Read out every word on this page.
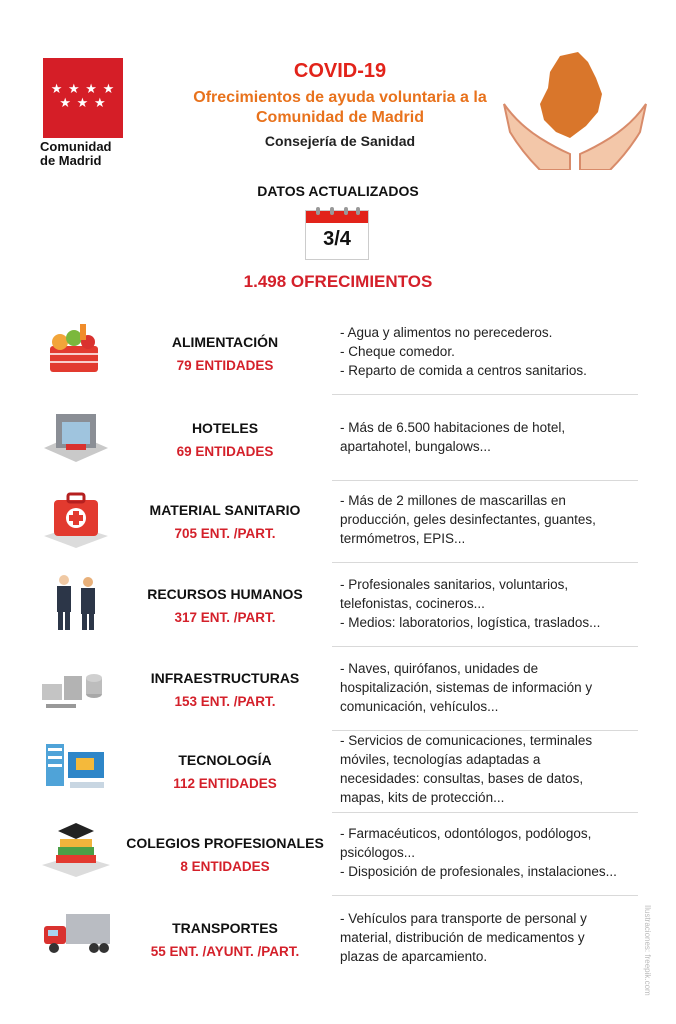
★ ★ ★ ★
★ ★ ★
Comunidad
de Madrid
COVID-19
Ofrecimientos de ayuda voluntaria a la
Comunidad de Madrid
Consejería de Sanidad
DATOS ACTUALIZADOS
3/4
1.498 OFRECIMIENTOS
ALIMENTACIÓN
79 ENTIDADES
- Agua y alimentos no perecederos.
- Cheque comedor.
- Reparto de comida a centros sanitarios.
HOTELES
69 ENTIDADES
- Más de 6.500 habitaciones de hotel,
apartahotel, bungalows...
MATERIAL SANITARIO
705 ENT. /PART.
- Más de 2 millones de mascarillas en
producción, geles desinfectantes, guantes,
termómetros, EPIS...
RECURSOS HUMANOS
317 ENT. /PART.
- Profesionales sanitarios, voluntarios,
telefonistas, cocineros...
- Medios: laboratorios, logística, traslados...
INFRAESTRUCTURAS
153 ENT. /PART.
- Naves, quirófanos, unidades de
hospitalización, sistemas de información y
comunicación, vehículos...
TECNOLOGÍA
112 ENTIDADES
- Servicios de comunicaciones, terminales
móviles, tecnologías adaptadas a
necesidades: consultas, bases de datos,
mapas, kits de protección...
COLEGIOS PROFESIONALES
8 ENTIDADES
- Farmacéuticos, odontólogos, podólogos,
psicólogos...
- Disposición de profesionales, instalaciones...
TRANSPORTES
55 ENT. /AYUNT. /PART.
- Vehículos para transporte de personal y
material, distribución de medicamentos y
plazas de aparcamiento.	Ilustraciones: freepik.com
